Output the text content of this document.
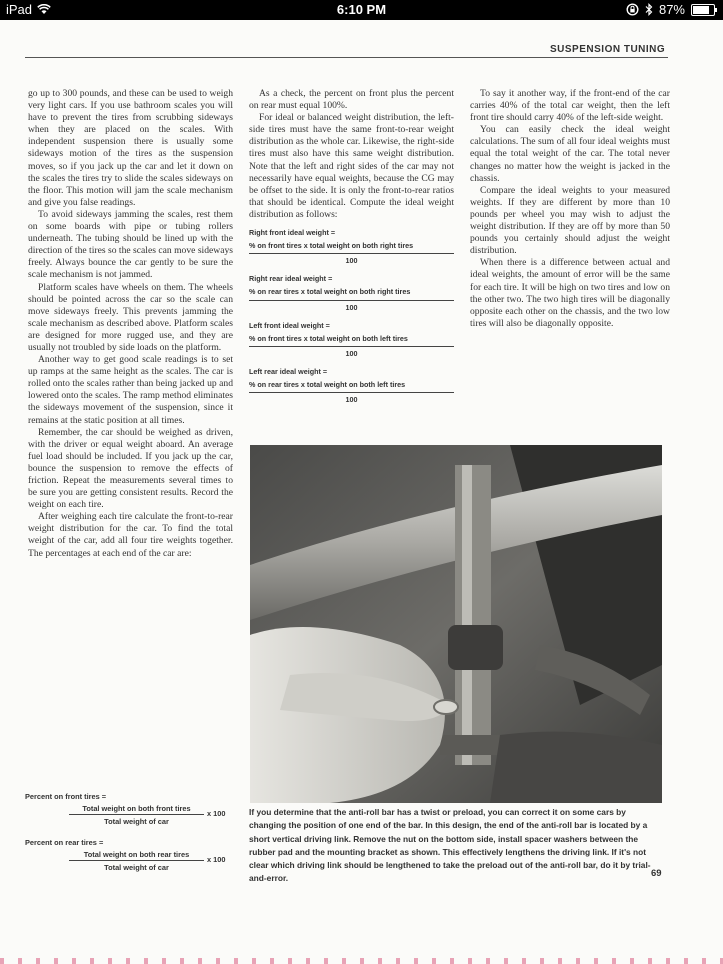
iPad	6:10 PM	87%
SUSPENSION TUNING

go up to 300 pounds, and these can be used to weigh very light cars. If you use bathroom scales you will have to prevent the tires from scrubbing sideways when they are placed on the scales. With independent suspension there is usually some sideways motion of the tires as the suspension moves, so if you jack up the car and let it down on the scales the tires try to slide the scales sideways on the floor. This motion will jam the scale mechanism and give you false readings.

To avoid sideways jamming the scales, rest them on some boards with pipe or tubing rollers underneath. The tubing should be lined up with the direction of the tires so the scales can move sideways freely. Always bounce the car gently to be sure the scale mechanism is not jammed.

Platform scales have wheels on them. The wheels should be pointed across the car so the scale can move sideways freely. This prevents jamming the scale mechanism as described above. Platform scales are designed for more rugged use, and they are usually not troubled by side loads on the platform.

Another way to get good scale readings is to set up ramps at the same height as the scales. The car is rolled onto the scales rather than being jacked up and lowered onto the scales. The ramp method eliminates the sideways movement of the suspension, since it remains at the static position at all times.

Remember, the car should be weighed as driven, with the driver or equal weight aboard. An average fuel load should be included. If you jack up the car, bounce the suspension to remove the effects of friction. Repeat the measurements several times to be sure you are getting consistent results. Record the weight on each tire.

After weighing each tire calculate the front-to-rear weight distribution for the car. To find the total weight of the car, add all four tire weights together. The percentages at each end of the car are:

Percent on front tires =
Total weight on both front tires
Total weight of car
x 100
Percent on rear tires =
Total weight on both rear tires
Total weight of car
x 100

As a check, the percent on front plus the percent on rear must equal 100%.

For ideal or balanced weight distribution, the left-side tires must have the same front-to-rear weight distribution as the whole car. Likewise, the right-side tires must also have this same weight distribution. Note that the left and right sides of the car may not necessarily have equal weights, because the CG may be offset to the side. It is only the front-to-rear ratios that should be identical. Compute the ideal weight distribution as follows:

Right front ideal weight =
% on front tires x total weight on both right tires
100
Right rear ideal weight =
% on rear tires x total weight on both right tires
100
Left front ideal weight =
% on front tires x total weight on both left tires
100
Left rear ideal weight =
% on rear tires x total weight on both left tires
100

To say it another way, if the front-end of the car carries 40% of the total car weight, then the left front tire should carry 40% of the left-side weight.

You can easily check the ideal weight calculations. The sum of all four ideal weights must equal the total weight of the car. The total never changes no matter how the weight is jacked in the chassis.

Compare the ideal weights to your measured weights. If they are different by more than 10 pounds per wheel you may wish to adjust the weight distribution. If they are off by more than 50 pounds you certainly should adjust the weight distribution.

When there is a difference between actual and ideal weights, the amount of error will be the same for each tire. It will be high on two tires and low on the other two. The two high tires will be diagonally opposite each other on the chassis, and the two low tires will also be diagonally opposite.

If you determine that the anti-roll bar has a twist or preload, you can correct it on some cars by changing the position of one end of the bar. In this design, the end of the anti-roll bar is located by a short vertical driving link. Remove the nut on the bottom side, install spacer washers between the rubber pad and the mounting bracket as shown. This effectively lengthens the driving link. If it's not clear which driving link should be lengthened to take the preload out of the anti-roll bar, do it by trial-and-error.	69
